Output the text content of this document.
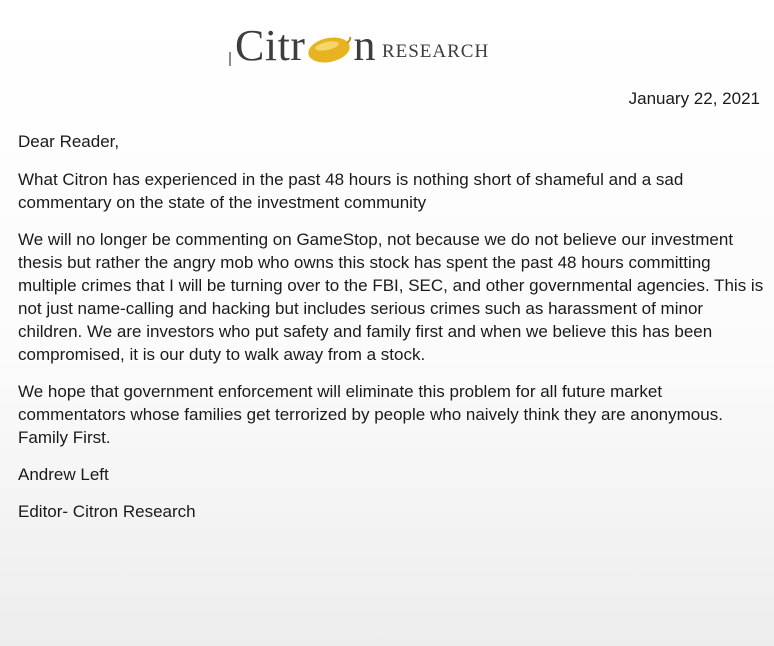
Citr n RESEARCH
January 22, 2021

Dear Reader,

What Citron has experienced in the past 48 hours is nothing short of shameful and a sad commentary on the state of the investment community

We will no longer be commenting on GameStop, not because we do not believe our investment thesis but rather the angry mob who owns this stock has spent the past 48 hours committing multiple crimes that I will be turning over to the FBI, SEC, and other governmental agencies. This is not just name-calling and hacking but includes serious crimes such as harassment of minor children. We are investors who put safety and family first and when we believe this has been compromised, it is our duty to walk away from a stock.

We hope that government enforcement will eliminate this problem for all future market commentators whose families get terrorized by people who naively think they are anonymous. Family First.

Andrew Left

Editor- Citron Research
